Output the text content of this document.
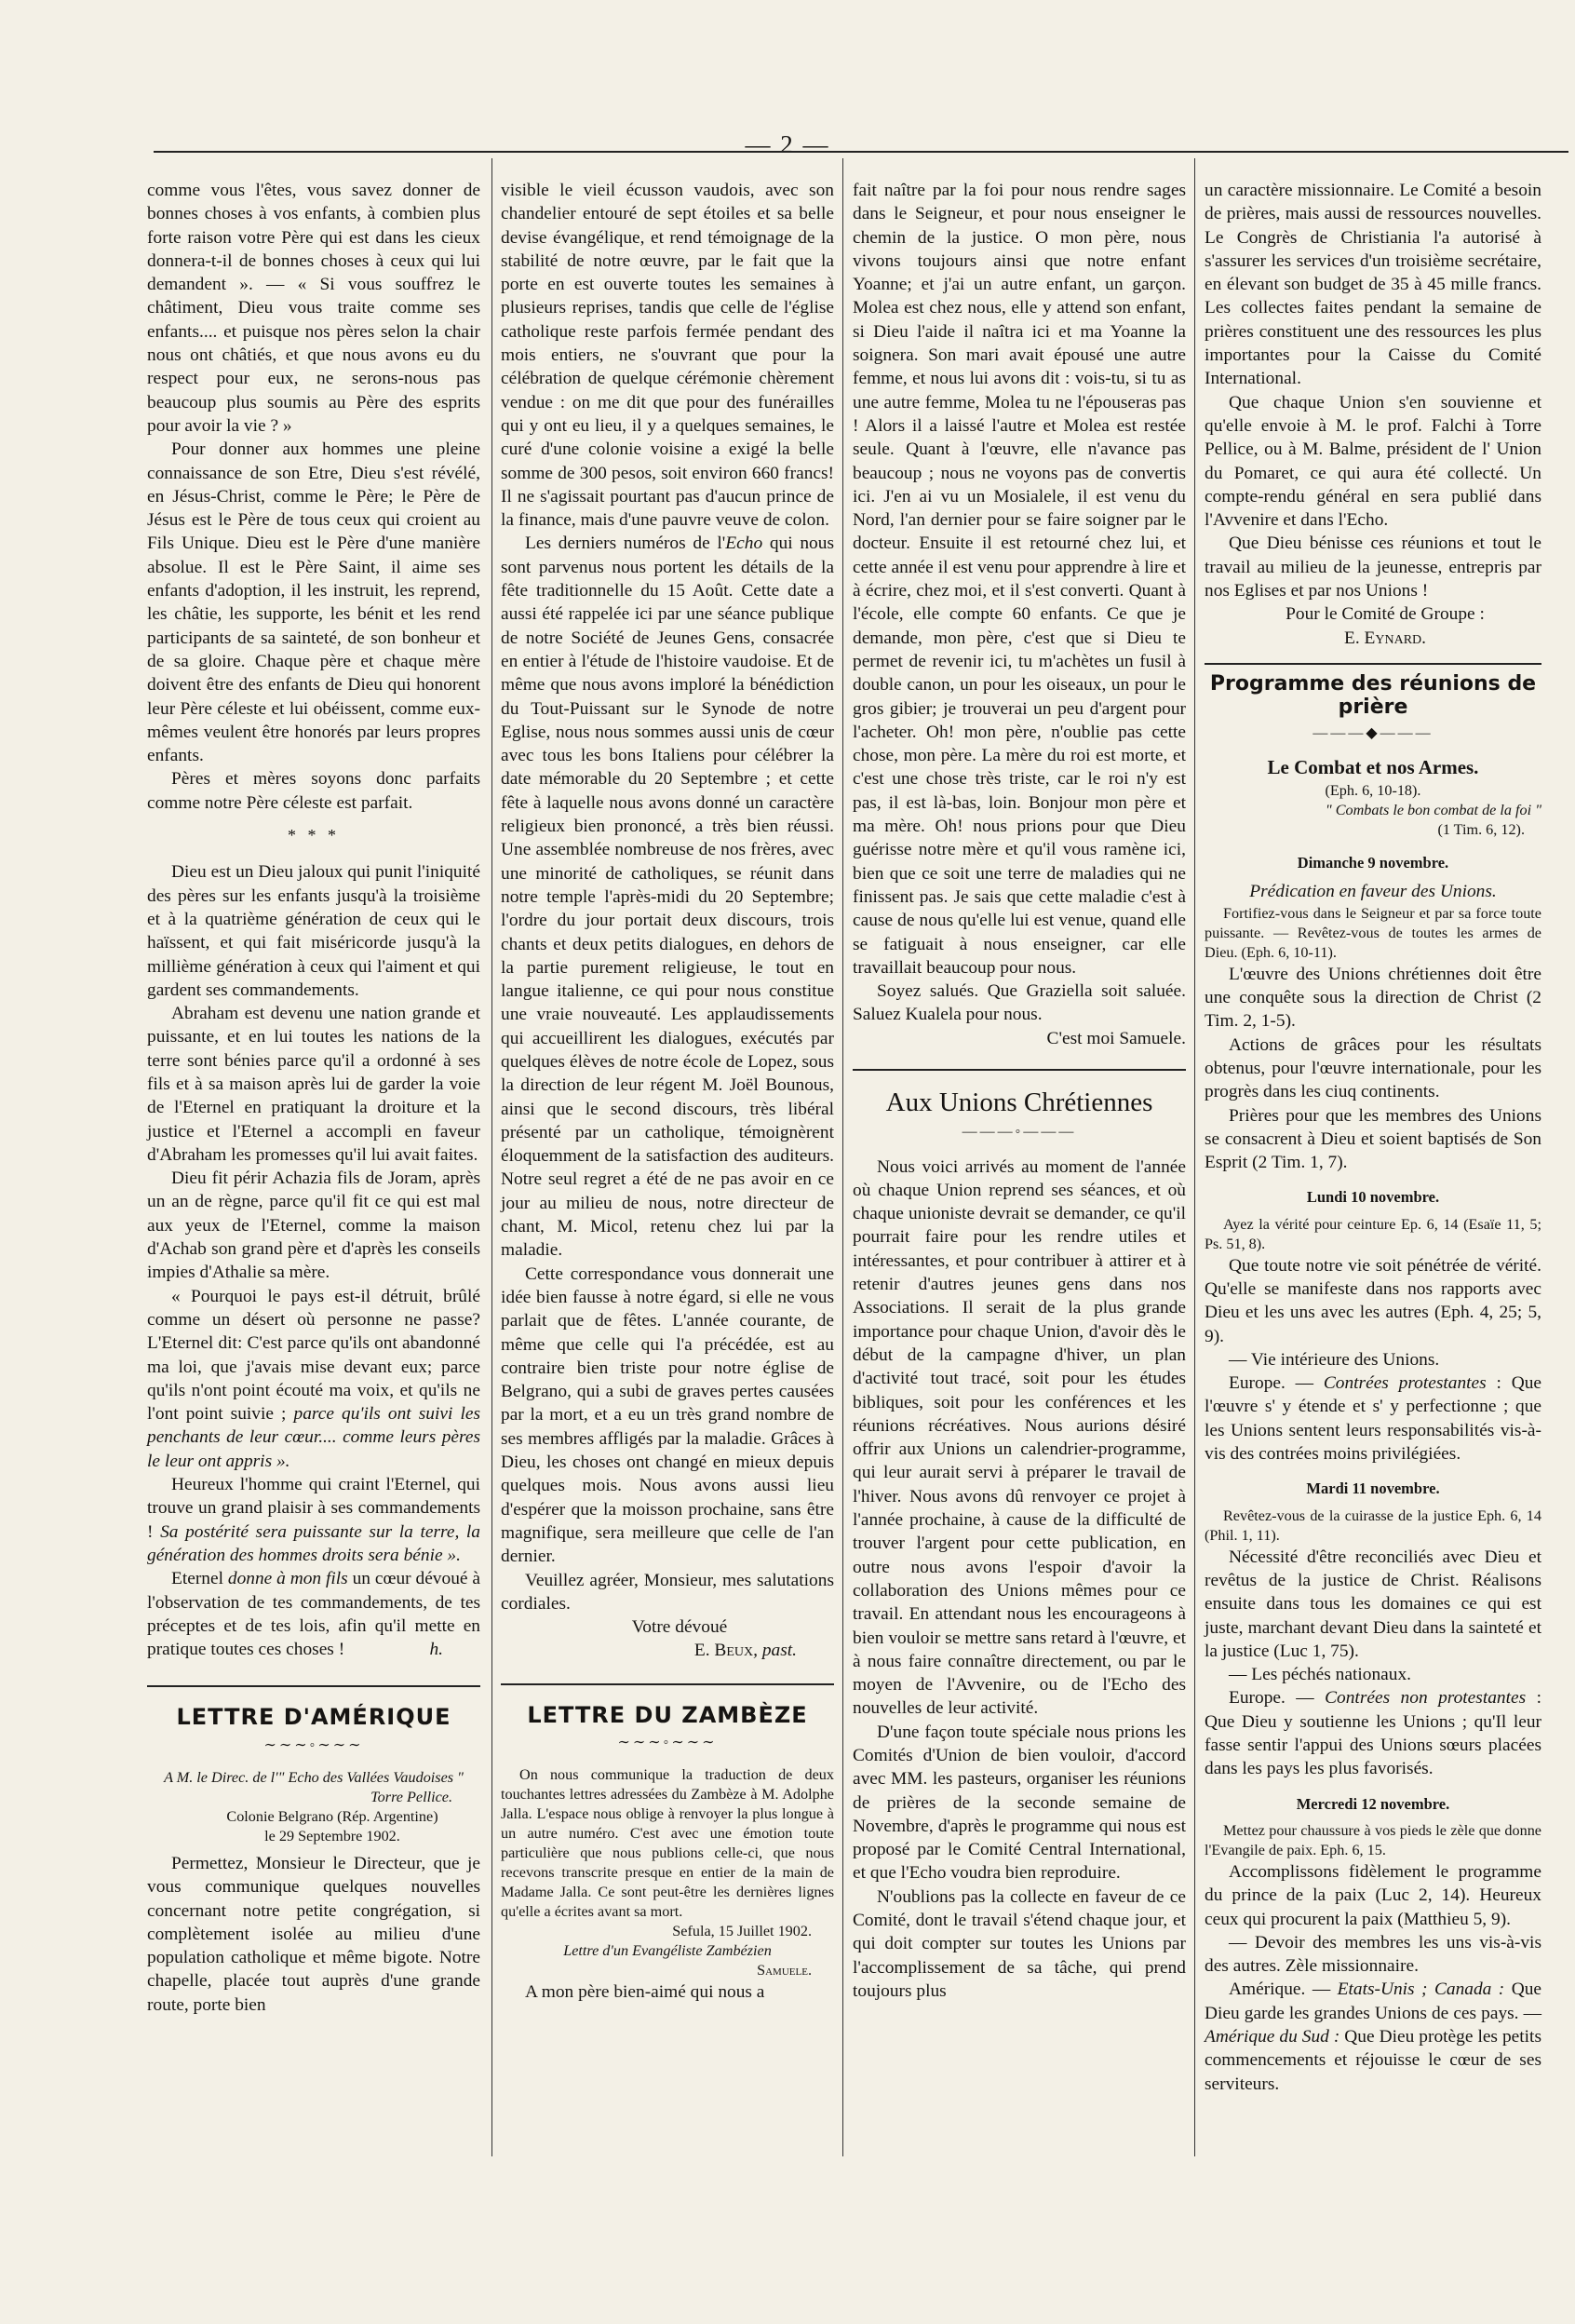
— 2 —

comme vous l'êtes, vous savez donner de bonnes choses à vos enfants, à combien plus forte raison votre Père qui est dans les cieux donnera-t-il de bonnes choses à ceux qui lui demandent ». — « Si vous souffrez le châtiment, Dieu vous traite comme ses enfants.... et puisque nos pères selon la chair nous ont châtiés, et que nous avons eu du respect pour eux, ne serons-nous pas beaucoup plus soumis au Père des esprits pour avoir la vie ? »

Pour donner aux hommes une pleine connaissance de son Etre, Dieu s'est révélé, en Jésus-Christ, comme le Père; le Père de Jésus est le Père de tous ceux qui croient au Fils Unique. Dieu est le Père d'une manière absolue. Il est le Père Saint, il aime ses enfants d'adoption, il les instruit, les reprend, les châtie, les supporte, les bénit et les rend participants de sa sainteté, de son bonheur et de sa gloire. Chaque père et chaque mère doivent être des enfants de Dieu qui honorent leur Père céleste et lui obéissent, comme eux-mêmes veulent être honorés par leurs propres enfants.

Pères et mères soyons donc parfaits comme notre Père céleste est parfait.

* * *

Dieu est un Dieu jaloux qui punit l'iniquité des pères sur les enfants jusqu'à la troisième et à la quatrième génération de ceux qui le haïssent, et qui fait miséricorde jusqu'à la millième génération à ceux qui l'aiment et qui gardent ses commandements.

Abraham est devenu une nation grande et puissante, et en lui toutes les nations de la terre sont bénies parce qu'il a ordonné à ses fils et à sa maison après lui de garder la voie de l'Eternel en pratiquant la droiture et la justice et l'Eternel a accompli en faveur d'Abraham les promesses qu'il lui avait faites.

Dieu fit périr Achazia fils de Joram, après un an de règne, parce qu'il fit ce qui est mal aux yeux de l'Eternel, comme la maison d'Achab son grand père et d'après les conseils impies d'Athalie sa mère.

« Pourquoi le pays est-il détruit, brûlé comme un désert où personne ne passe? L'Eternel dit: C'est parce qu'ils ont abandonné ma loi, que j'avais mise devant eux; parce qu'ils n'ont point écouté ma voix, et qu'ils ne l'ont point suivie ; parce qu'ils ont suivi les penchants de leur cœur.... comme leurs pères le leur ont appris ».

Heureux l'homme qui craint l'Eternel, qui trouve un grand plaisir à ses commandements ! Sa postérité sera puissante sur la terre, la génération des hommes droits sera bénie ».

Eternel donne à mon fils un cœur dévoué à l'observation de tes commandements, de tes préceptes et de tes lois, afin qu'il mette en pratique toutes ces choses !	h.

LETTRE D'AMÉRIQUE
∼∼∼◦∼∼∼

A M. le Direc. de l'" Echo des Vallées Vaudoises "

Torre Pellice.

Colonie Belgrano (Rép. Argentine)

le 29 Septembre 1902.

Permettez, Monsieur le Directeur, que je vous communique quelques nouvelles concernant notre petite congrégation, si complètement isolée au milieu d'une population catholique et même bigote. Notre chapelle, placée tout auprès d'une grande route, porte bien

visible le vieil écusson vaudois, avec son chandelier entouré de sept étoiles et sa belle devise évangélique, et rend témoignage de la stabilité de notre œuvre, par le fait que la porte en est ouverte toutes les semaines à plusieurs reprises, tandis que celle de l'église catholique reste parfois fermée pendant des mois entiers, ne s'ouvrant que pour la célébration de quelque cérémonie chèrement vendue : on me dit que pour des funérailles qui y ont eu lieu, il y a quelques semaines, le curé d'une colonie voisine a exigé la belle somme de 300 pesos, soit environ 660 francs! Il ne s'agissait pourtant pas d'aucun prince de la finance, mais d'une pauvre veuve de colon.

Les derniers numéros de l'Echo qui nous sont parvenus nous portent les détails de la fête traditionnelle du 15 Août. Cette date a aussi été rappelée ici par une séance publique de notre Société de Jeunes Gens, consacrée en entier à l'étude de l'histoire vaudoise. Et de même que nous avons imploré la bénédiction du Tout-Puissant sur le Synode de notre Eglise, nous nous sommes aussi unis de cœur avec tous les bons Italiens pour célébrer la date mémorable du 20 Septembre ; et cette fête à laquelle nous avons donné un caractère religieux bien prononcé, a très bien réussi. Une assemblée nombreuse de nos frères, avec une minorité de catholiques, se réunit dans notre temple l'après-midi du 20 Septembre; l'ordre du jour portait deux discours, trois chants et deux petits dialogues, en dehors de la partie purement religieuse, le tout en langue italienne, ce qui pour nous constitue une vraie nouveauté. Les applaudissements qui accueillirent les dialogues, exécutés par quelques élèves de notre école de Lopez, sous la direction de leur régent M. Joël Bounous, ainsi que le second discours, très libéral présenté par un catholique, témoignèrent éloquemment de la satisfaction des auditeurs. Notre seul regret a été de ne pas avoir en ce jour au milieu de nous, notre directeur de chant, M. Micol, retenu chez lui par la maladie.

Cette correspondance vous donnerait une idée bien fausse à notre égard, si elle ne vous parlait que de fêtes. L'année courante, de même que celle qui l'a précédée, est au contraire bien triste pour notre église de Belgrano, qui a subi de graves pertes causées par la mort, et a eu un très grand nombre de ses membres affligés par la maladie. Grâces à Dieu, les choses ont changé en mieux depuis quelques mois. Nous avons aussi lieu d'espérer que la moisson prochaine, sans être magnifique, sera meilleure que celle de l'an dernier.

Veuillez agréer, Monsieur, mes salutations cordiales.

Votre dévoué

E. Beux, past.

LETTRE DU ZAMBÈZE
∼∼∼◦∼∼∼

On nous communique la traduction de deux touchantes lettres adressées du Zambèze à M. Adolphe Jalla. L'espace nous oblige à renvoyer la plus longue à un autre numéro. C'est avec une émotion toute particulière que nous publions celle-ci, que nous recevons transcrite presque en entier de la main de Madame Jalla. Ce sont peut-être les dernières lignes qu'elle a écrites avant sa mort.

Sefula, 15 Juillet 1902.

Lettre d'un Evangéliste Zambézien

Samuele.

A mon père bien-aimé qui nous a

fait naître par la foi pour nous rendre sages dans le Seigneur, et pour nous enseigner le chemin de la justice. O mon père, nous vivons toujours ainsi que notre enfant Yoanne; et j'ai un autre enfant, un garçon. Molea est chez nous, elle y attend son enfant, si Dieu l'aide il naîtra ici et ma Yoanne la soignera. Son mari avait épousé une autre femme, et nous lui avons dit : vois-tu, si tu as une autre femme, Molea tu ne l'épouseras pas ! Alors il a laissé l'autre et Molea est restée seule. Quant à l'œuvre, elle n'avance pas beaucoup ; nous ne voyons pas de convertis ici. J'en ai vu un Mosialele, il est venu du Nord, l'an dernier pour se faire soigner par le docteur. Ensuite il est retourné chez lui, et cette année il est venu pour apprendre à lire et à écrire, chez moi, et il s'est converti. Quant à l'école, elle compte 60 enfants. Ce que je demande, mon père, c'est que si Dieu te permet de revenir ici, tu m'achètes un fusil à double canon, un pour les oiseaux, un pour le gros gibier; je trouverai un peu d'argent pour l'acheter. Oh! mon père, n'oublie pas cette chose, mon père. La mère du roi est morte, et c'est une chose très triste, car le roi n'y est pas, il est là-bas, loin. Bonjour mon père et ma mère. Oh! nous prions pour que Dieu guérisse notre mère et qu'il vous ramène ici, bien que ce soit une terre de maladies qui ne finissent pas. Je sais que cette maladie c'est à cause de nous qu'elle lui est venue, quand elle se fatiguait à nous enseigner, car elle travaillait beaucoup pour nous.

Soyez salués. Que Graziella soit saluée. Saluez Kualela pour nous.

C'est moi Samuele.

Aux Unions Chrétiennes
———◦———

Nous voici arrivés au moment de l'année où chaque Union reprend ses séances, et où chaque unioniste devrait se demander, ce qu'il pourrait faire pour les rendre utiles et intéressantes, et pour contribuer à attirer et à retenir d'autres jeunes gens dans nos Associations. Il serait de la plus grande importance pour chaque Union, d'avoir dès le début de la campagne d'hiver, un plan d'activité tout tracé, soit pour les études bibliques, soit pour les conférences et les réunions récréatives. Nous aurions désiré offrir aux Unions un calendrier-programme, qui leur aurait servi à préparer le travail de l'hiver. Nous avons dû renvoyer ce projet à l'année prochaine, à cause de la difficulté de trouver l'argent pour cette publication, en outre nous avons l'espoir d'avoir la collaboration des Unions mêmes pour ce travail. En attendant nous les encourageons à bien vouloir se mettre sans retard à l'œuvre, et à nous faire connaître directement, ou par le moyen de l'Avvenire, ou de l'Echo des nouvelles de leur activité.

D'une façon toute spéciale nous prions les Comités d'Union de bien vouloir, d'accord avec MM. les pasteurs, organiser les réunions de prières de la seconde semaine de Novembre, d'après le programme qui nous est proposé par le Comité Central International, et que l'Echo voudra bien reproduire.

N'oublions pas la collecte en faveur de ce Comité, dont le travail s'étend chaque jour, et qui doit compter sur toutes les Unions par l'accomplissement de sa tâche, qui prend toujours plus

un caractère missionnaire. Le Comité a besoin de prières, mais aussi de ressources nouvelles. Le Congrès de Christiania l'a autorisé à s'assurer les services d'un troisième secrétaire, en élevant son budget de 35 à 45 mille francs. Les collectes faites pendant la semaine de prières constituent une des ressources les plus importantes pour la Caisse du Comité International.

Que chaque Union s'en souvienne et qu'elle envoie à M. le prof. Falchi à Torre Pellice, ou à M. Balme, président de l' Union du Pomaret, ce qui aura été collecté. Un compte-rendu général en sera publié dans l'Avvenire et dans l'Echo.

Que Dieu bénisse ces réunions et tout le travail au milieu de la jeunesse, entrepris par nos Eglises et par nos Unions !

Pour le Comité de Groupe :

E. Eynard.

Programme des réunions de prière
———◆———
Le Combat et nos Armes.

(Eph. 6, 10-18).

" Combats le bon combat de la foi "

(1 Tim. 6, 12).

Dimanche 9 novembre.

Prédication en faveur des Unions.

Fortifiez-vous dans le Seigneur et par sa force toute puissante. — Revêtez-vous de toutes les armes de Dieu. (Eph. 6, 10-11).

L'œuvre des Unions chrétiennes doit être une conquête sous la direction de Christ (2 Tim. 2, 1-5).

Actions de grâces pour les résultats obtenus, pour l'œuvre internationale, pour les progrès dans les ciuq continents.

Prières pour que les membres des Unions se consacrent à Dieu et soient baptisés de Son Esprit (2 Tim. 1, 7).

Lundi 10 novembre.

Ayez la vérité pour ceinture Ep. 6, 14 (Esaïe 11, 5; Ps. 51, 8).

Que toute notre vie soit pénétrée de vérité. Qu'elle se manifeste dans nos rapports avec Dieu et les uns avec les autres (Eph. 4, 25; 5, 9).

— Vie intérieure des Unions.

Europe. — Contrées protestantes : Que l'œuvre s' y étende et s' y perfectionne ; que les Unions sentent leurs responsabilités vis-à-vis des contrées moins privilégiées.

Mardi 11 novembre.

Revêtez-vous de la cuirasse de la justice Eph. 6, 14 (Phil. 1, 11).

Nécessité d'être reconciliés avec Dieu et revêtus de la justice de Christ. Réalisons ensuite dans tous les domaines ce qui est juste, marchant devant Dieu dans la sainteté et la justice (Luc 1, 75).

— Les péchés nationaux.

Europe. — Contrées non protestantes : Que Dieu y soutienne les Unions ; qu'Il leur fasse sentir l'appui des Unions sœurs placées dans les pays les plus favorisés.

Mercredi 12 novembre.

Mettez pour chaussure à vos pieds le zèle que donne l'Evangile de paix. Eph. 6, 15.

Accomplissons fidèlement le programme du prince de la paix (Luc 2, 14). Heureux ceux qui procurent la paix (Matthieu 5, 9).

— Devoir des membres les uns vis-à-vis des autres. Zèle missionnaire.

Amérique. — Etats-Unis ; Canada : Que Dieu garde les grandes Unions de ces pays. — Amérique du Sud : Que Dieu protège les petits commencements et réjouisse le cœur de ses serviteurs.
